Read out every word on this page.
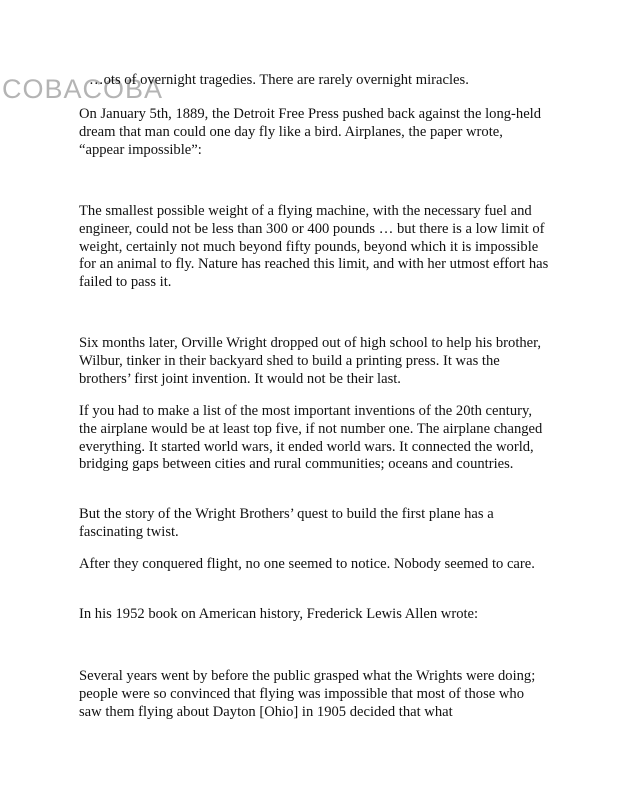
COBACOBA

…ots of overnight tragedies. There are rarely overnight miracles.

On January 5th, 1889, the Detroit Free Press pushed back against the long-held dream that man could one day fly like a bird. Airplanes, the paper wrote, “appear impossible”:

The smallest possible weight of a flying machine, with the necessary fuel and engineer, could not be less than 300 or 400 pounds … but there is a low limit of weight, certainly not much beyond fifty pounds, beyond which it is impossible for an animal to fly. Nature has reached this limit, and with her utmost effort has failed to pass it.

Six months later, Orville Wright dropped out of high school to help his brother, Wilbur, tinker in their backyard shed to build a printing press. It was the brothers’ first joint invention. It would not be their last.

If you had to make a list of the most important inventions of the 20th century, the airplane would be at least top five, if not number one. The airplane changed everything. It started world wars, it ended world wars. It connected the world, bridging gaps between cities and rural communities; oceans and countries.

But the story of the Wright Brothers’ quest to build the first plane has a fascinating twist.

After they conquered flight, no one seemed to notice. Nobody seemed to care.

In his 1952 book on American history, Frederick Lewis Allen wrote:

Several years went by before the public grasped what the Wrights were doing; people were so convinced that flying was impossible that most of those who saw them flying about Dayton [Ohio] in 1905 decided that what
